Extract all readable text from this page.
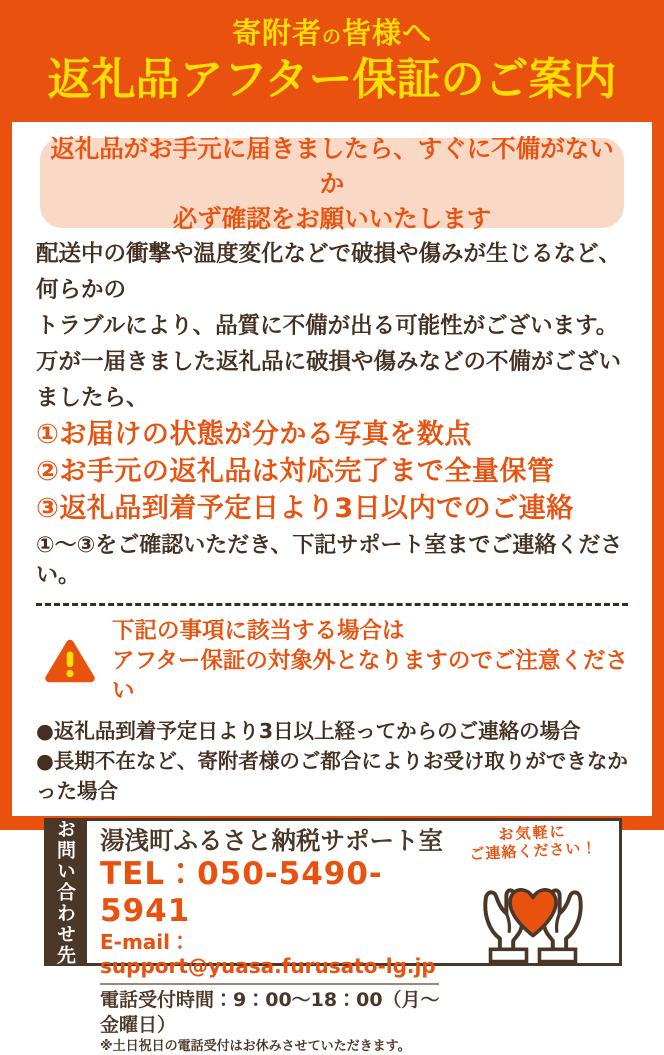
寄附者の皆様へ
返礼品アフター保証のご案内
返礼品がお手元に届きましたら、すぐに不備がないか
必ず確認をお願いいたします
配送中の衝撃や温度変化などで破損や傷みが生じるなど、何らかの
トラブルにより、品質に不備が出る可能性がございます。
万が一届きました返礼品に破損や傷みなどの不備がございましたら、
①お届けの状態が分かる写真を数点
②お手元の返礼品は対応完了まで全量保管
③返礼品到着予定日より3日以内でのご連絡
①〜③をご確認いただき、下記サポート室までご連絡ください。
下記の事項に該当する場合は
アフター保証の対象外となりますのでご注意ください
●返礼品到着予定日より3日以上経ってからのご連絡の場合
●長期不在など、寄附者様のご都合によりお受け取りができなかった場合
お問い合わせ先 湯浅町ふるさと納税サポート室
TEL：050-5490-5941
E-mail：support@yuasa.furusato-lg.jp
電話受付時間：9：00〜18：00（月〜金曜日）
※土日祝日の電話受付はお休みさせていただきます。
お気軽に
ご連絡ください！
